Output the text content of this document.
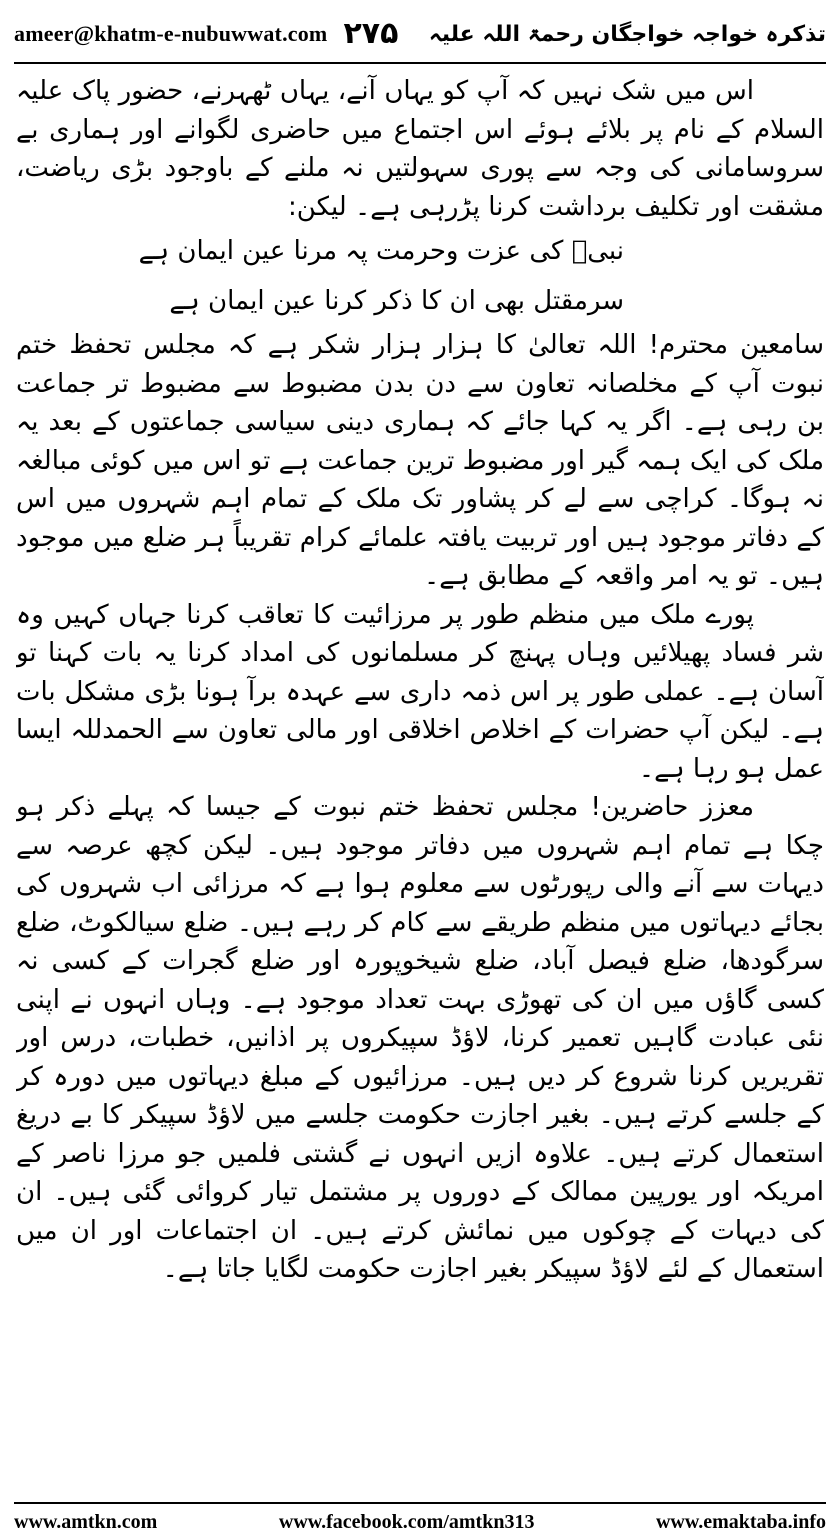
ameer@khatm-e-nubuwwat.com ۲۷۵ تذکرہ خواجہ خواجگان رحمۃ اللہ علیہ

اس میں شک نہیں کہ آپ کو یہاں آنے، یہاں ٹھہرنے، حضور پاک علیہ السلام کے نام پر بلائے ہوئے اس اجتماع میں حاضری لگوانے اور ہماری بے سروسامانی کی وجہ سے پوری سہولتیں نہ ملنے کے باوجود بڑی ریاضت، مشقت اور تکلیف برداشت کرنا پڑرہی ہے۔ لیکن:

نبیؐ کی عزت وحرمت پہ مرنا عین ایمان ہے

سرمقتل بھی ان کا ذکر کرنا عین ایمان ہے

سامعین محترم! اللہ تعالیٰ کا ہزار ہزار شکر ہے کہ مجلس تحفظ ختم نبوت آپ کے مخلصانہ تعاون سے دن بدن مضبوط سے مضبوط تر جماعت بن رہی ہے۔ اگر یہ کہا جائے کہ ہماری دینی سیاسی جماعتوں کے بعد یہ ملک کی ایک ہمہ گیر اور مضبوط ترین جماعت ہے تو اس میں کوئی مبالغہ نہ ہوگا۔ کراچی سے لے کر پشاور تک ملک کے تمام اہم شہروں میں اس کے دفاتر موجود ہیں اور تربیت یافتہ علمائے کرام تقریباً ہر ضلع میں موجود ہیں۔ تو یہ امر واقعہ کے مطابق ہے۔

پورے ملک میں منظم طور پر مرزائیت کا تعاقب کرنا جہاں کہیں وہ شر فساد پھیلائیں وہاں پہنچ کر مسلمانوں کی امداد کرنا یہ بات کہنا تو آسان ہے۔ عملی طور پر اس ذمہ داری سے عہدہ برآ ہونا بڑی مشکل بات ہے۔ لیکن آپ حضرات کے اخلاص اخلاقی اور مالی تعاون سے الحمدللہ ایسا عمل ہو رہا ہے۔

معزز حاضرین! مجلس تحفظ ختم نبوت کے جیسا کہ پہلے ذکر ہو چکا ہے تمام اہم شہروں میں دفاتر موجود ہیں۔ لیکن کچھ عرصہ سے دیہات سے آنے والی رپورٹوں سے معلوم ہوا ہے کہ مرزائی اب شہروں کی بجائے دیہاتوں میں منظم طریقے سے کام کر رہے ہیں۔ ضلع سیالکوٹ، ضلع سرگودھا، ضلع فیصل آباد، ضلع شیخوپورہ اور ضلع گجرات کے کسی نہ کسی گاؤں میں ان کی تھوڑی بہت تعداد موجود ہے۔ وہاں انہوں نے اپنی نئی عبادت گاہیں تعمیر کرنا، لاؤڈ سپیکروں پر اذانیں، خطبات، درس اور تقریریں کرنا شروع کر دیں ہیں۔ مرزائیوں کے مبلغ دیہاتوں میں دورہ کر کے جلسے کرتے ہیں۔ بغیر اجازت حکومت جلسے میں لاؤڈ سپیکر کا بے دریغ استعمال کرتے ہیں۔ علاوہ ازیں انہوں نے گشتی فلمیں جو مرزا ناصر کے امریکہ اور یورپین ممالک کے دوروں پر مشتمل تیار کروائی گئی ہیں۔ ان کی دیہات کے چوکوں میں نمائش کرتے ہیں۔ ان اجتماعات اور ان میں استعمال کے لئے لاؤڈ سپیکر بغیر اجازت حکومت لگایا جاتا ہے۔

www.amtkn.com	www.facebook.com/amtkn313	www.emaktaba.info
